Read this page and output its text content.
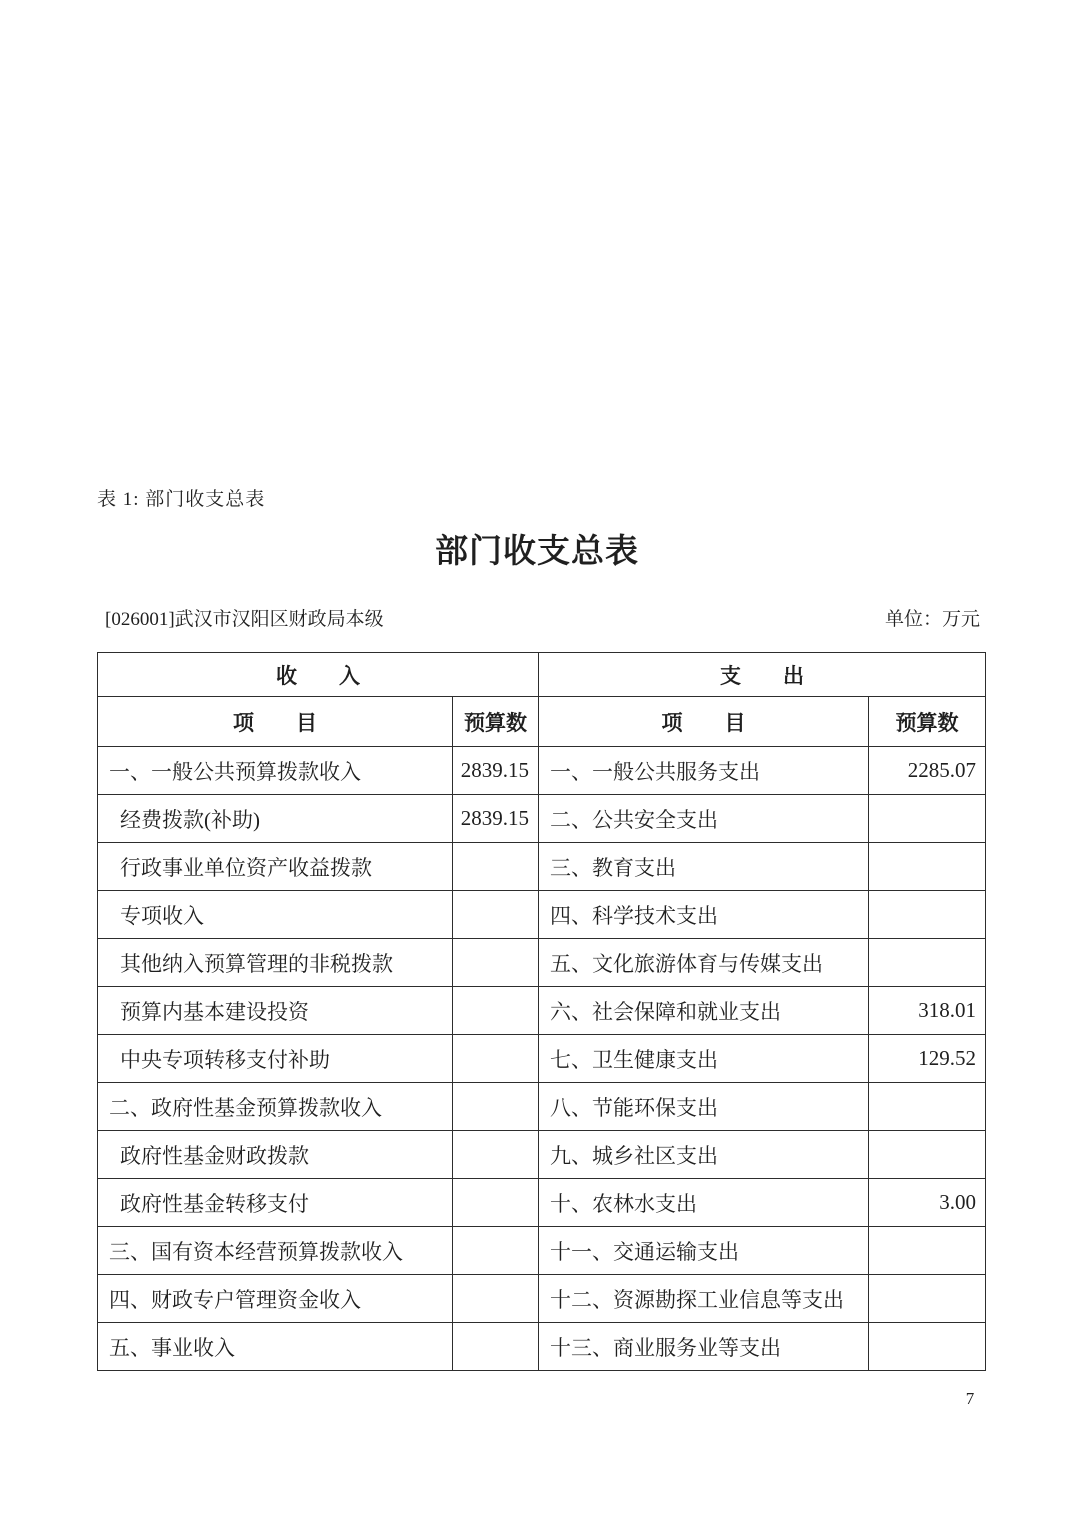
表 1: 部门收支总表
部门收支总表
[026001]武汉市汉阳区财政局本级	单位：万元
收　　入		支　　出	
项　　目	预算数	项　　目	预算数
一、一般公共预算拨款收入	2839.15	一、一般公共服务支出	2285.07
经费拨款(补助)	2839.15	二、公共安全支出	
行政事业单位资产收益拨款		三、教育支出	
专项收入		四、科学技术支出	
其他纳入预算管理的非税拨款		五、文化旅游体育与传媒支出	
预算内基本建设投资		六、社会保障和就业支出	318.01
中央专项转移支付补助		七、卫生健康支出	129.52
二、政府性基金预算拨款收入		八、节能环保支出	
政府性基金财政拨款		九、城乡社区支出	
政府性基金转移支付		十、农林水支出	3.00
三、国有资本经营预算拨款收入		十一、交通运输支出	
四、财政专户管理资金收入		十二、资源勘探工业信息等支出	
五、事业收入		十三、商业服务业等支出	
7
